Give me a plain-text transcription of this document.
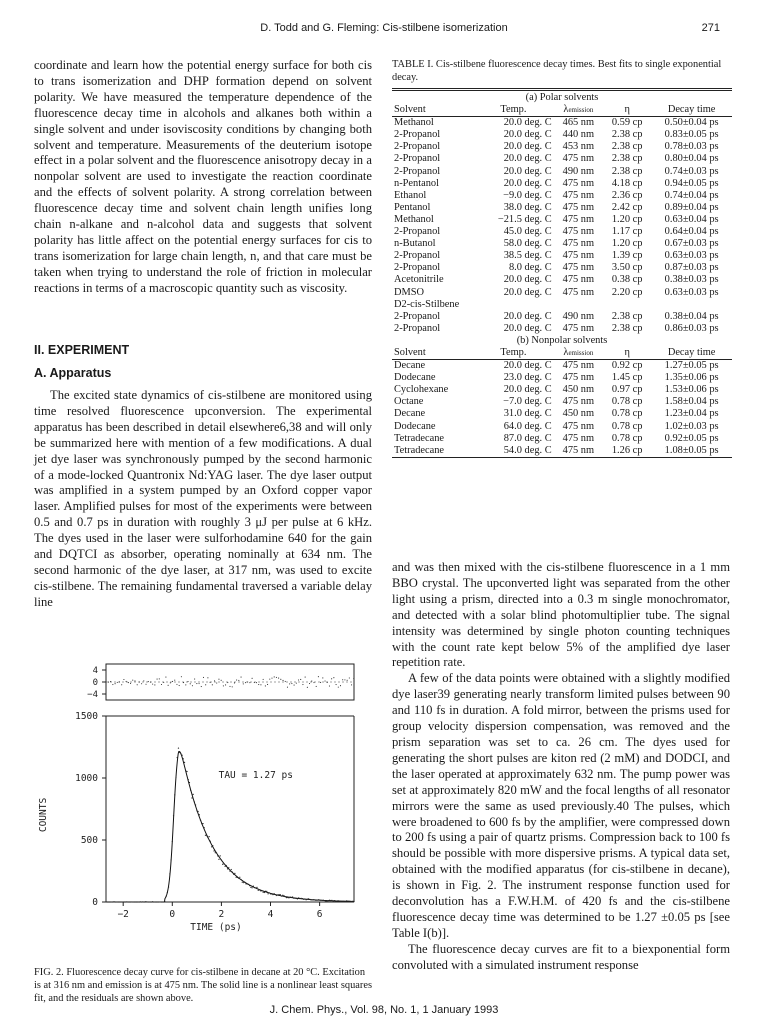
D. Todd and G. Fleming: Cis-stilbene isomerization	271

coordinate and learn how the potential energy surface for both cis to trans isomerization and DHP formation depend on solvent polarity. We have measured the temperature dependence of the fluorescence decay time in alcohols and alkanes both within a single solvent and under isoviscosity conditions by changing both solvent and temperature. Measurements of the deuterium isotope effect in a polar solvent and the fluorescence anisotropy decay in a nonpolar solvent are used to investigate the reaction coordinate and the effects of solvent polarity. A strong correlation between fluorescence decay time and solvent chain length unifies long chain n-alkane and n-alcohol data and suggests that solvent polarity has little affect on the potential energy surfaces for cis to trans isomerization for large chain length, n, and that care must be taken when trying to understand the role of friction in molecular reactions in terms of a macroscopic quantity such as viscosity.

II. EXPERIMENT
A. Apparatus

The excited state dynamics of cis-stilbene are monitored using time resolved fluorescence upconversion. The experimental apparatus has been described in detail elsewhere6,38 and will only be summarized here with mention of a few modifications. A dual jet dye laser was synchronously pumped by the second harmonic of a mode-locked Quantronix Nd:YAG laser. The dye laser output was amplified in a system pumped by an Oxford copper vapor laser. Amplified pulses for most of the experiments were between 0.5 and 0.7 ps in duration with roughly 3 μJ per pulse at 6 kHz. The dyes used in the laser were sulforhodamine 640 for the gain and DQTCI as absorber, operating nominally at 634 nm. The second harmonic of the dye laser, at 317 nm, was used to excite cis-stilbene. The remaining fundamental traversed a variable delay line

TABLE I. Cis-stilbene fluorescence decay times. Best fits to single exponential decay.
(a) Polar solvents				
Solvent	Temp.	λemission	η	Decay time
Methanol	20.0 deg. C	465 nm	0.59 cp	0.50±0.04 ps
2-Propanol	20.0 deg. C	440 nm	2.38 cp	0.83±0.05 ps
2-Propanol	20.0 deg. C	453 nm	2.38 cp	0.78±0.03 ps
2-Propanol	20.0 deg. C	475 nm	2.38 cp	0.80±0.04 ps
2-Propanol	20.0 deg. C	490 nm	2.38 cp	0.74±0.03 ps
n-Pentanol	20.0 deg. C	475 nm	4.18 cp	0.94±0.05 ps
Ethanol	−9.0 deg. C	475 nm	2.36 cp	0.74±0.04 ps
Pentanol	38.0 deg. C	475 nm	2.42 cp	0.89±0.04 ps
Methanol	−21.5 deg. C	475 nm	1.20 cp	0.63±0.04 ps
2-Propanol	45.0 deg. C	475 nm	1.17 cp	0.64±0.04 ps
n-Butanol	58.0 deg. C	475 nm	1.20 cp	0.67±0.03 ps
2-Propanol	38.5 deg. C	475 nm	1.39 cp	0.63±0.03 ps
2-Propanol	8.0 deg. C	475 nm	3.50 cp	0.87±0.03 ps
Acetonitrile	20.0 deg. C	475 nm	0.38 cp	0.38±0.03 ps
DMSO	20.0 deg. C	475 nm	2.20 cp	0.63±0.03 ps
D2-cis-Stilbene				
2-Propanol	20.0 deg. C	490 nm	2.38 cp	0.38±0.04 ps
2-Propanol	20.0 deg. C	475 nm	2.38 cp	0.86±0.03 ps
(b) Nonpolar solvents				
Solvent	Temp.	λemission	η	Decay time
Decane	20.0 deg. C	475 nm	0.92 cp	1.27±0.05 ps
Dodecane	23.0 deg. C	475 nm	1.45 cp	1.35±0.06 ps
Cyclohexane	20.0 deg. C	450 nm	0.97 cp	1.53±0.06 ps
Octane	−7.0 deg. C	475 nm	0.78 cp	1.58±0.04 ps
Decane	31.0 deg. C	450 nm	0.78 cp	1.23±0.04 ps
Dodecane	64.0 deg. C	475 nm	0.78 cp	1.02±0.03 ps
Tetradecane	87.0 deg. C	475 nm	0.78 cp	0.92±0.05 ps
Tetradecane	54.0 deg. C	475 nm	1.26 cp	1.08±0.05 ps

and was then mixed with the cis-stilbene fluorescence in a 1 mm BBO crystal. The upconverted light was separated from the other light using a prism, directed into a 0.3 m single monochromator, and detected with a solar blind photomultiplier tube. The signal intensity was determined by single photon counting techniques with the count rate kept below 5% of the amplified dye laser repetition rate.

A few of the data points were obtained with a slightly modified dye laser39 generating nearly transform limited pulses between 90 and 110 fs in duration. A fold mirror, between the prisms used for group velocity dispersion compensation, was removed and the prism separation was set to ca. 26 cm. The dyes used for generating the short pulses are kiton red (2 mM) and DODCI, and the laser operated at approximately 632 nm. The pump power was set at approximately 820 mW and the focal lengths of all resonator mirrors were the same as used previously.40 The pulses, which were broadened to 600 fs by the amplifier, were compressed down to 200 fs using a pair of quartz prisms. Compression back to 100 fs should be possible with more dispersive prisms. A typical data set, obtained with the modified apparatus (for cis-stilbene in decane), is shown in Fig. 2. The instrument response function used for deconvolution has a F.W.H.M. of 420 fs and the cis-stilbene fluorescence decay time was determined to be 1.27 ±0.05 ps [see Table I(b)].

The fluorescence decay curves are fit to a biexponential form convoluted with a simulated instrument response

4
0
−4
1500
1000
500
0
−2	0	2	4	6
TIME (ps)
COUNTS
TAU = 1.27 ps
FIG. 2. Fluorescence decay curve for cis-stilbene in decane at 20 °C. Excitation is at 316 nm and emission is at 475 nm. The solid line is a nonlinear least squares fit, and the residuals are shown above.
J. Chem. Phys., Vol. 98, No. 1, 1 January 1993
